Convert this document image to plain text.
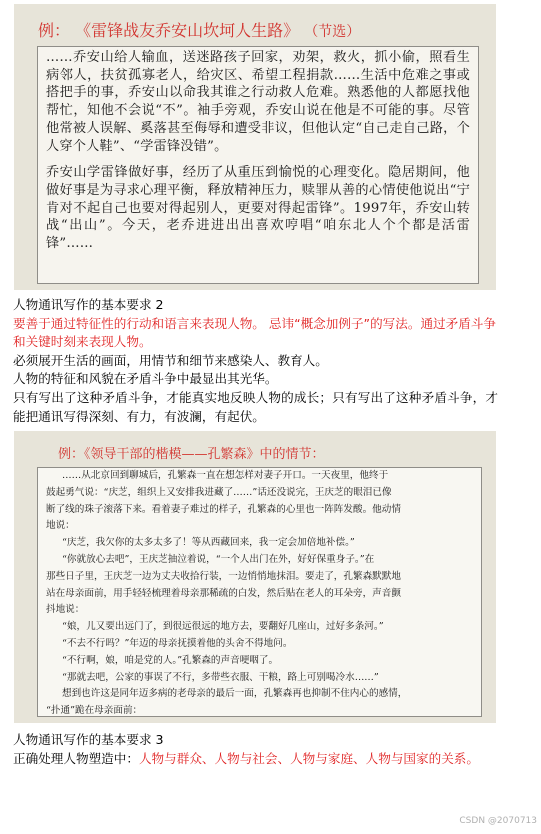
例： 《雷锋战友乔安山坎坷人生路》 （节选）

……乔安山给人输血，送迷路孩子回家，劝架，救火，抓小偷，照看生病邻人，扶贫孤寡老人，给灾区、希望工程捐款……生活中危难之事或搭把手的事，乔安山以命我其谁之行动救人危难。熟悉他的人都愿找他帮忙，知他不会说“不”。袖手旁观，乔安山说在他是不可能的事。尽管他常被人误解、奚落甚至侮辱和遭受非议，但他认定“自己走自己路，个人穿个人鞋”、“学雷锋没错”。

乔安山学雷锋做好事，经历了从重压到愉悦的心理变化。隐居期间，他做好事是为寻求心理平衡，释放精神压力，赎罪从善的心情使他说出“宁肯对不起自己也要对得起别人，更要对得起雷锋”。1997年，乔安山转战“出山”。今天，老乔进进出出喜欢哼唱“咱东北人个个都是活雷锋”……

人物通讯写作的基本要求 2
要善于通过特征性的行动和语言来表现人物。 忌讳“概念加例子”的写法。通过矛盾斗争和关键时刻来表现人物。
必须展开生活的画面，用情节和细节来感染人、教育人。
人物的特征和风貌在矛盾斗争中最显出其光华。
只有写出了这种矛盾斗争，才能真实地反映人物的成长；只有写出了这种矛盾斗争，才能把通讯写得深刻、有力，有波澜，有起伏。
例：《领导干部的楷模——孔繁森》中的情节：

……从北京回到聊城后，孔繁森一直在想怎样对妻子开口。一天夜里，他终于

鼓起勇气说：“庆芝，组织上又安排我进藏了……”话还没说完，王庆芝的眼泪已像

断了线的珠子滚落下来。看着妻子难过的样子，孔繁森的心里也一阵阵发酸。他动情

地说：

“庆芝，我欠你的太多太多了！等从西藏回来，我一定会加倍地补偿。”

“你就放心去吧”，王庆芝抽泣着说，“一个人出门在外，好好保重身子。”在

那些日子里，王庆芝一边为丈夫收拾行装，一边悄悄地抹泪。要走了，孔繁森默默地

站在母亲面前，用手轻轻梳理着母亲那稀疏的白发，然后贴在老人的耳朵旁，声音颤

抖地说：

“娘，儿又要出远门了，到很远很远的地方去，要翻好几座山，过好多条河。”

“不去不行吗？”年迈的母亲抚摸着他的头舍不得地问。

“不行啊，娘，咱是党的人。”孔繁森的声音哽咽了。

“那就去吧，公家的事误了不行，多带些衣服、干粮，路上可别喝冷水……”

想到也许这是同年迈多病的老母亲的最后一面，孔繁森再也抑制不住内心的感情，

“扑通”跪在母亲面前：

人物通讯写作的基本要求 3
正确处理人物塑造中：人物与群众、人物与社会、人物与家庭、人物与国家的关系。
CSDN @2070713
